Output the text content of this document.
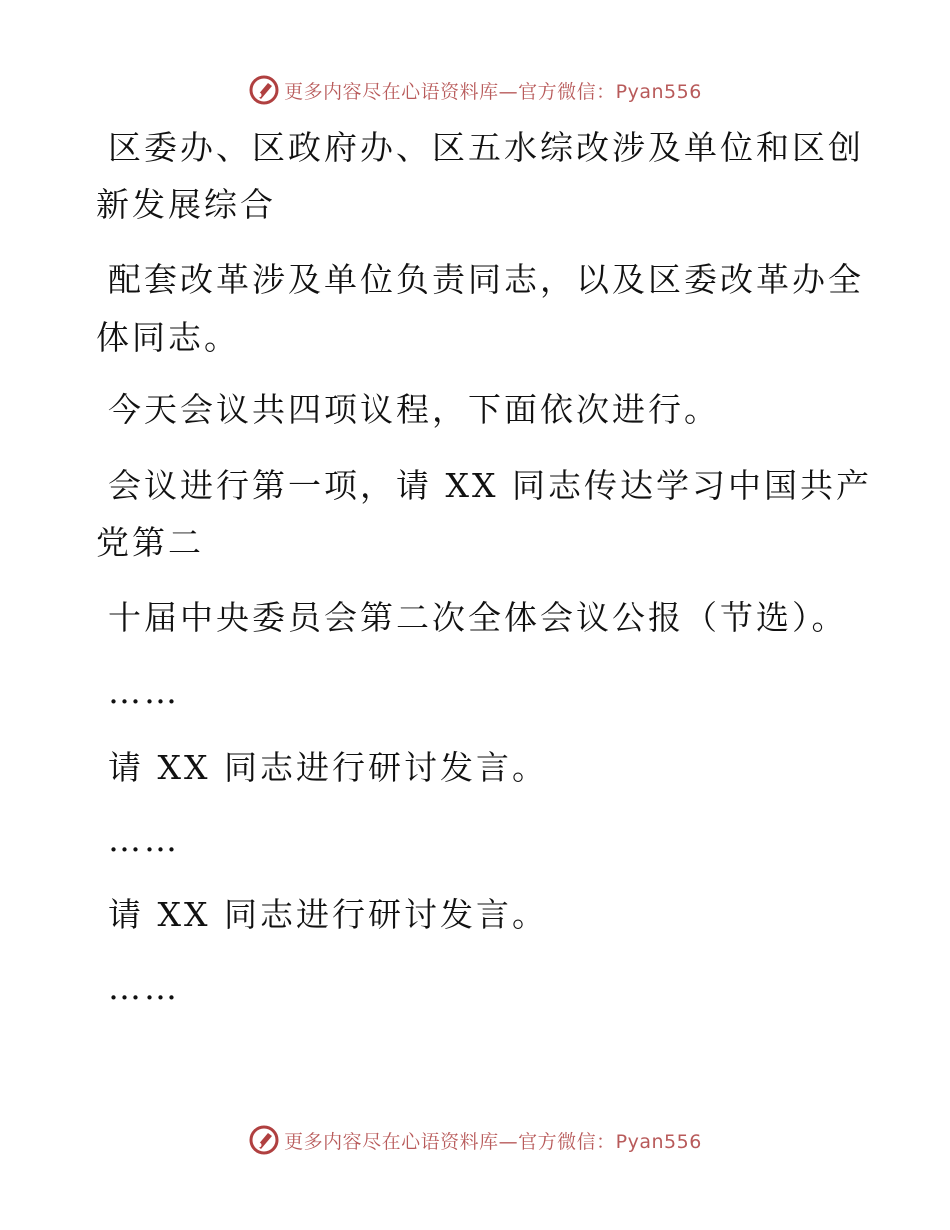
更多内容尽在心语资料库—官方微信：Pyan556
区委办、区政府办、区五水综改涉及单位和区创
新发展综合
配套改革涉及单位负责同志，以及区委改革办全
体同志。
今天会议共四项议程，下面依次进行。
会议进行第一项，请 XX 同志传达学习中国共产
党第二
十届中央委员会第二次全体会议公报（节选）。
……
请 XX 同志进行研讨发言。
……
请 XX 同志进行研讨发言。
……
更多内容尽在心语资料库—官方微信：Pyan556
